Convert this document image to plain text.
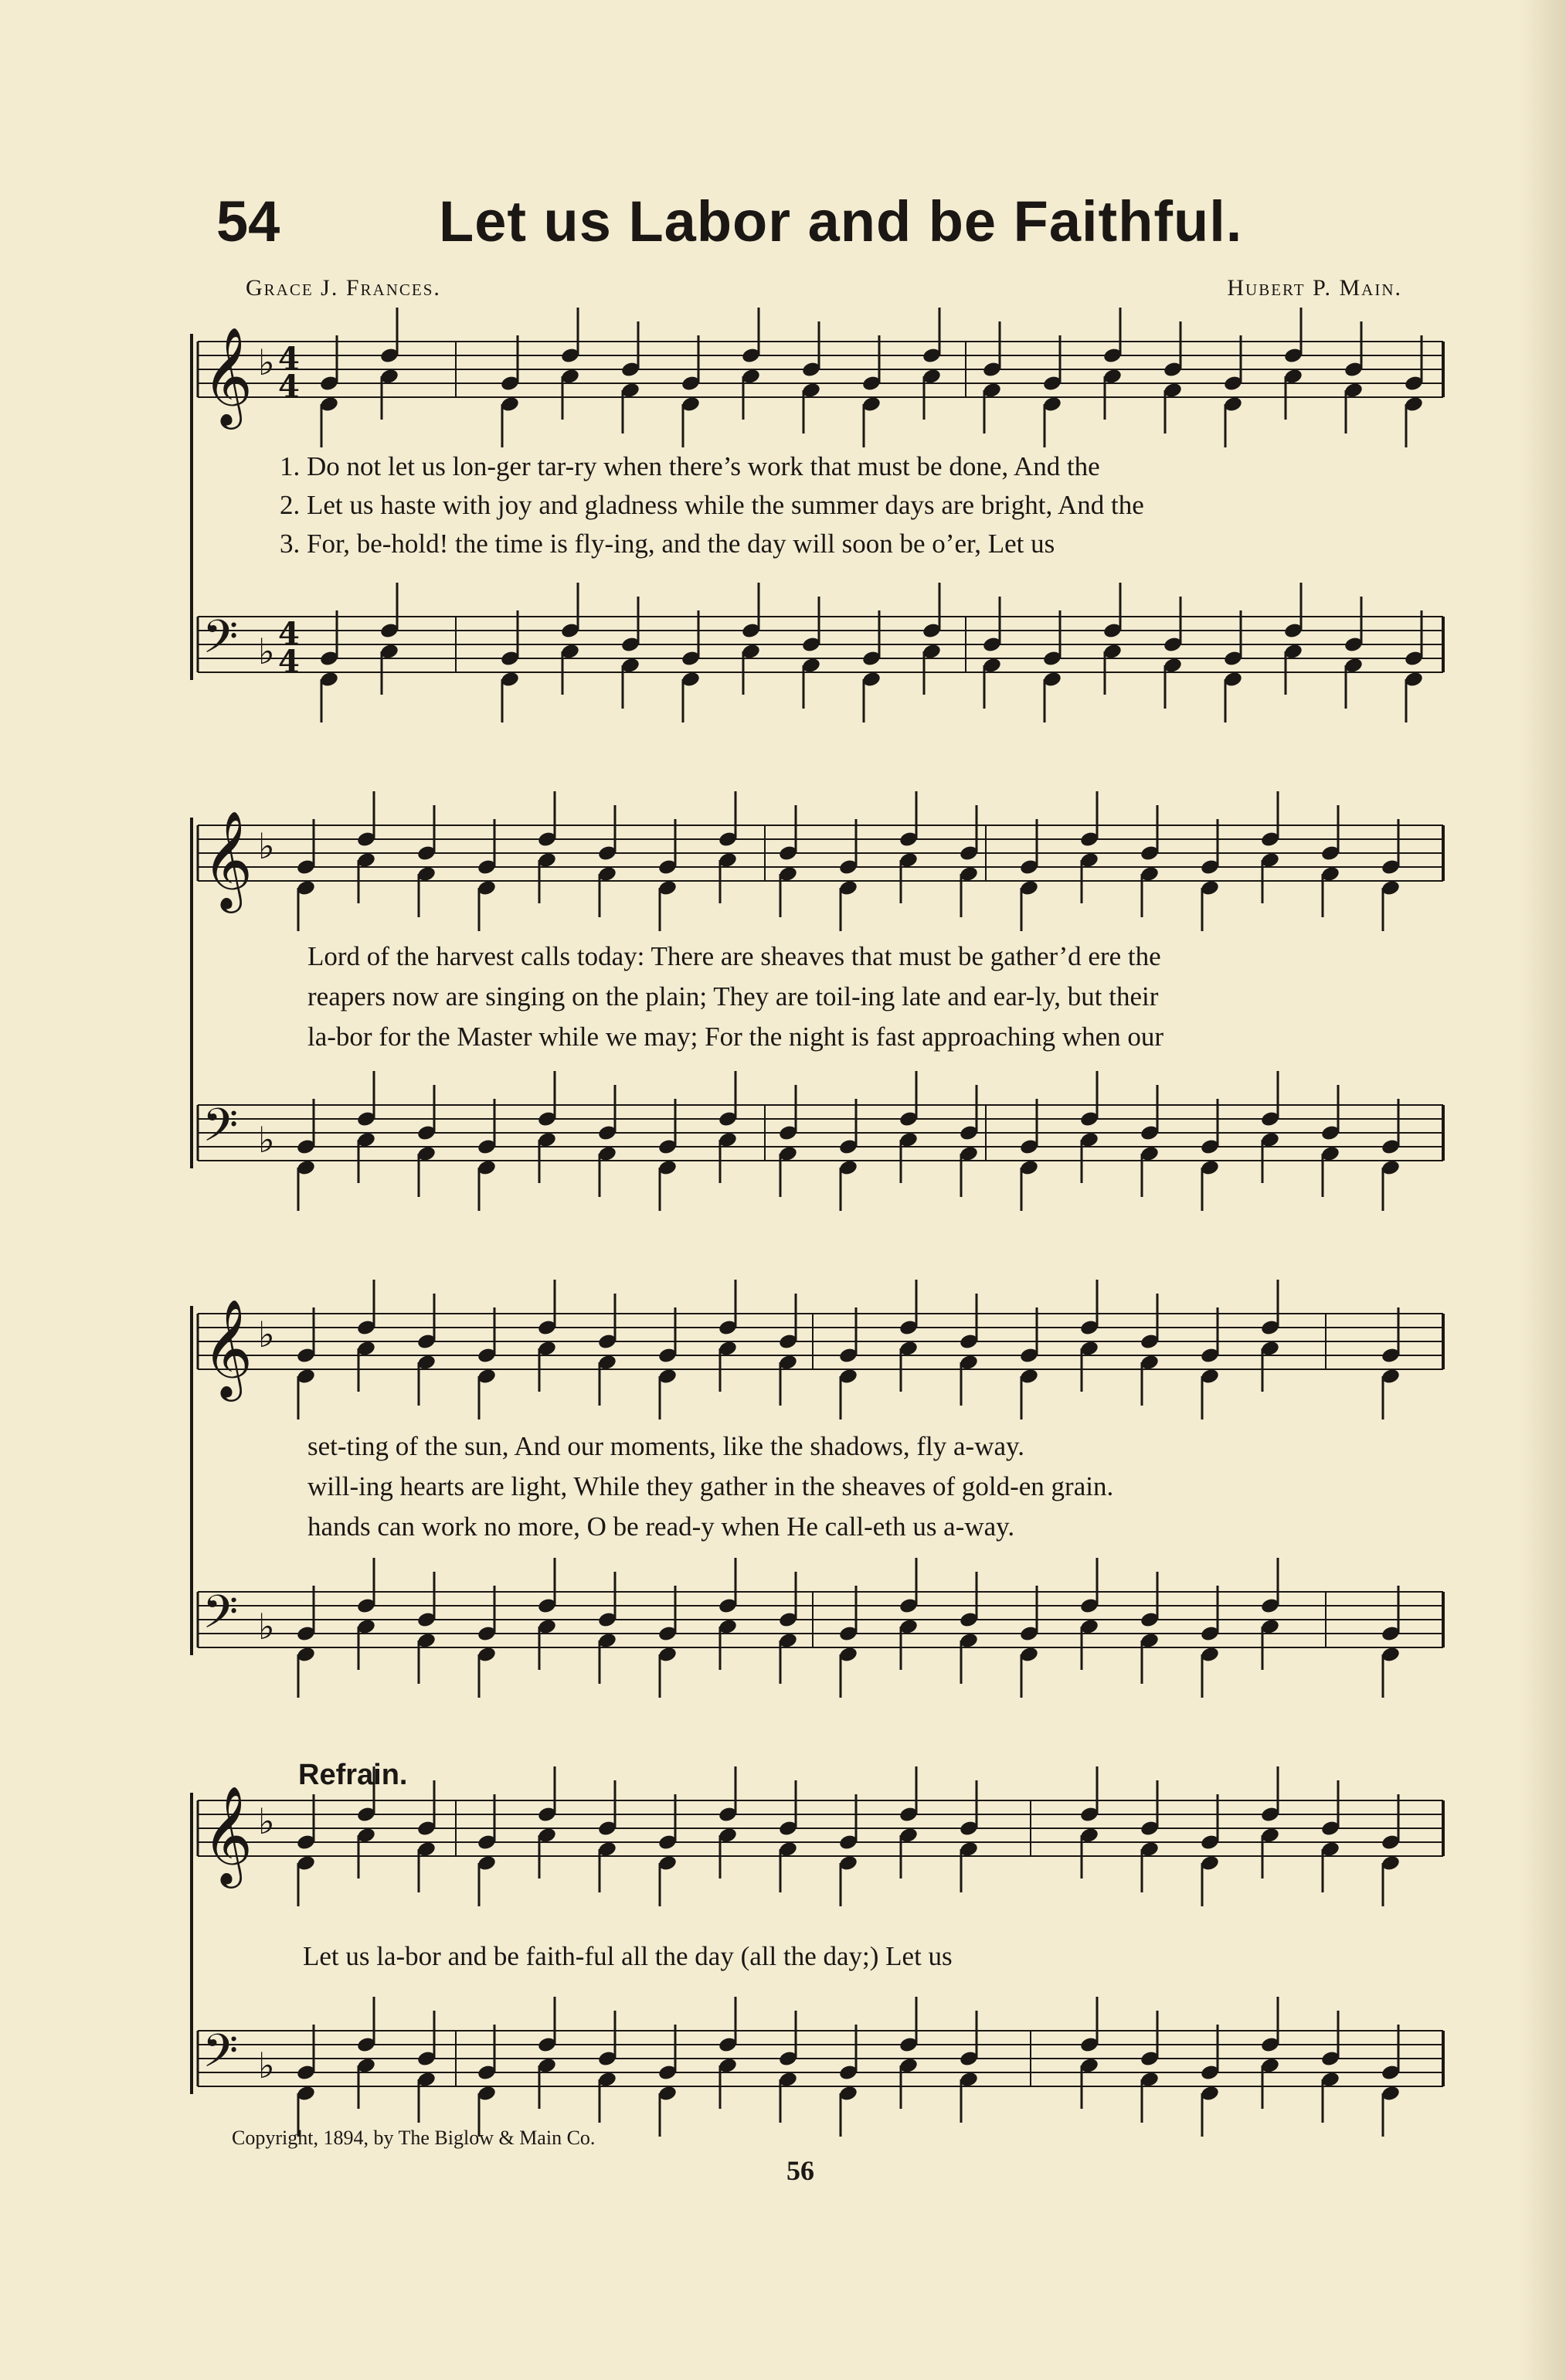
54	Let us Labor and be Faithful.
Grace J. Frances.	Hubert P. Main.
𝄞 ♭ 4
4
𝄢 ♭ 4
4
𝄞 ♭
𝄢 ♭
𝄞 ♭
𝄢 ♭
𝄞 ♭
𝄢 ♭
1. Do not let us lon-ger tar-ry when there’s work that must be done, And the
2. Let us haste with joy and gladness while the summer days are bright, And the
3. For, be-hold! the time is fly-ing, and the day will soon be o’er, Let us
Lord of the harvest calls today: There are sheaves that must be gather’d ere the
reapers now are singing on the plain; They are toil-ing late and ear-ly, but their
la-bor for the Master while we may; For the night is fast approaching when our
set-ting of the sun, And our moments, like the shadows, fly a-way.
will-ing hearts are light, While they gather in the sheaves of gold-en grain.
hands can work no more, O be read-y when He call-eth us a-way.
Let us la-bor and be faith-ful all the day (all the day;) Let us
Refrain.
Copyright, 1894, by The Biglow & Main Co.
56
